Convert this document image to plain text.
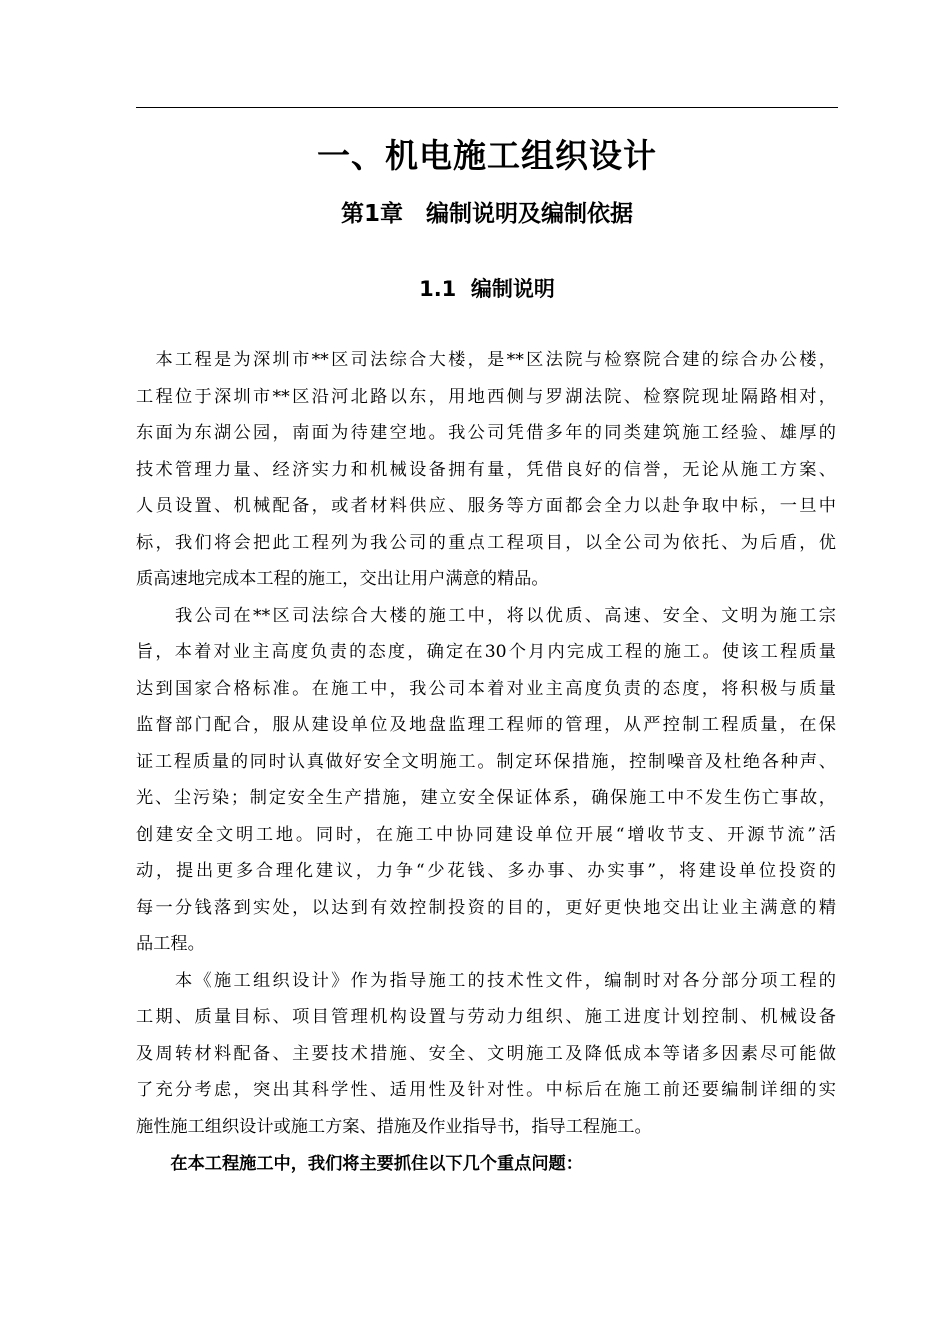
一、机电施工组织设计
第1章　编制说明及编制依据
1.1  编制说明
　本工程是为深圳市**区司法综合大楼，是**区法院与检察院合建的综合办公楼，
工程位于深圳市**区沿河北路以东，用地西侧与罗湖法院、检察院现址隔路相对，
东面为东湖公园，南面为待建空地。我公司凭借多年的同类建筑施工经验、雄厚的
技术管理力量、经济实力和机械设备拥有量，凭借良好的信誉，无论从施工方案、
人员设置、机械配备，或者材料供应、服务等方面都会全力以赴争取中标，一旦中
标，我们将会把此工程列为我公司的重点工程项目，以全公司为依托、为后盾，优
质高速地完成本工程的施工，交出让用户满意的精品。
　　我公司在**区司法综合大楼的施工中，将以优质、高速、安全、文明为施工宗
旨，本着对业主高度负责的态度，确定在30个月内完成工程的施工。使该工程质量
达到国家合格标准。在施工中，我公司本着对业主高度负责的态度，将积极与质量
监督部门配合，服从建设单位及地盘监理工程师的管理，从严控制工程质量，在保
证工程质量的同时认真做好安全文明施工。制定环保措施，控制噪音及杜绝各种声、
光、尘污染；制定安全生产措施，建立安全保证体系，确保施工中不发生伤亡事故，
创建安全文明工地。同时，在施工中协同建设单位开展“增收节支、开源节流”活
动，提出更多合理化建议，力争“少花钱、多办事、办实事”，将建设单位投资的
每一分钱落到实处，以达到有效控制投资的目的，更好更快地交出让业主满意的精
品工程。
　　本《施工组织设计》作为指导施工的技术性文件，编制时对各分部分项工程的
工期、质量目标、项目管理机构设置与劳动力组织、施工进度计划控制、机械设备
及周转材料配备、主要技术措施、安全、文明施工及降低成本等诸多因素尽可能做
了充分考虑，突出其科学性、适用性及针对性。中标后在施工前还要编制详细的实
施性施工组织设计或施工方案、措施及作业指导书，指导工程施工。
　　在本工程施工中，我们将主要抓住以下几个重点问题：
